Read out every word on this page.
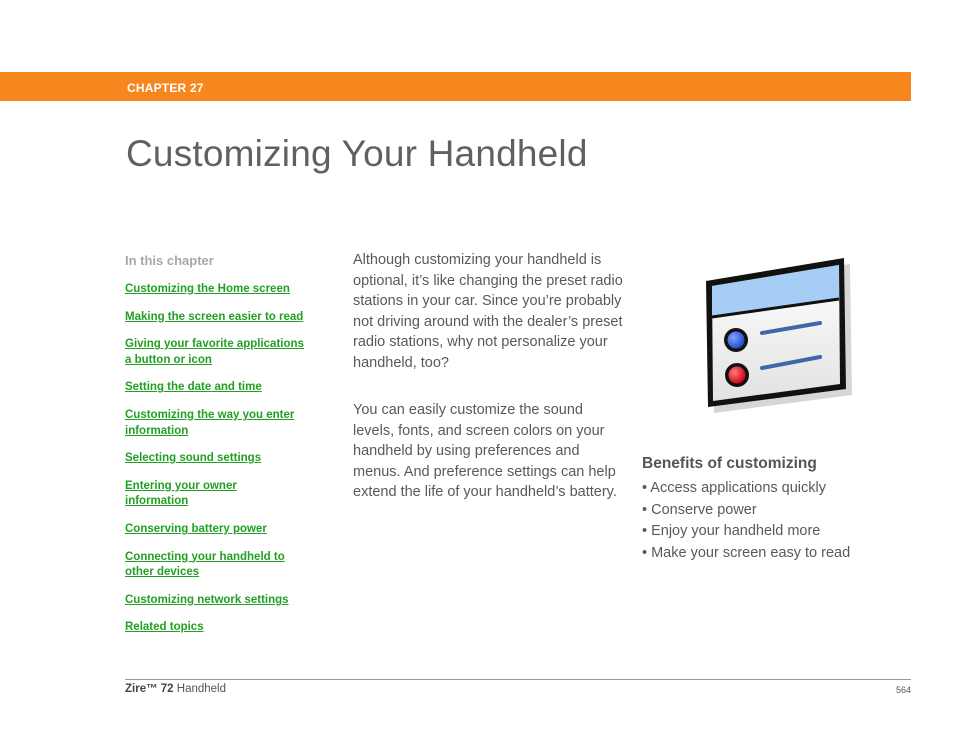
CHAPTER 27
Customizing Your Handheld
In this chapter
Customizing the Home screen
Making the screen easier to read
Giving your favorite applications a button or icon
Setting the date and time
Customizing the way you enter information
Selecting sound settings
Entering your owner information
Conserving battery power
Connecting your handheld to other devices
Customizing network settings
Related topics

Although customizing your handheld is optional, it’s like changing the preset radio stations in your car. Since you’re probably not driving around with the dealer’s preset radio stations, why not personalize your handheld, too?

You can easily customize the sound levels, fonts, and screen colors on your handheld by using preferences and menus. And preference settings can help extend the life of your handheld’s battery.

Benefits of customizing
• Access applications quickly
• Conserve power
• Enjoy your handheld more
• Make your screen easy to read
Zire™ 72 Handheld	564
